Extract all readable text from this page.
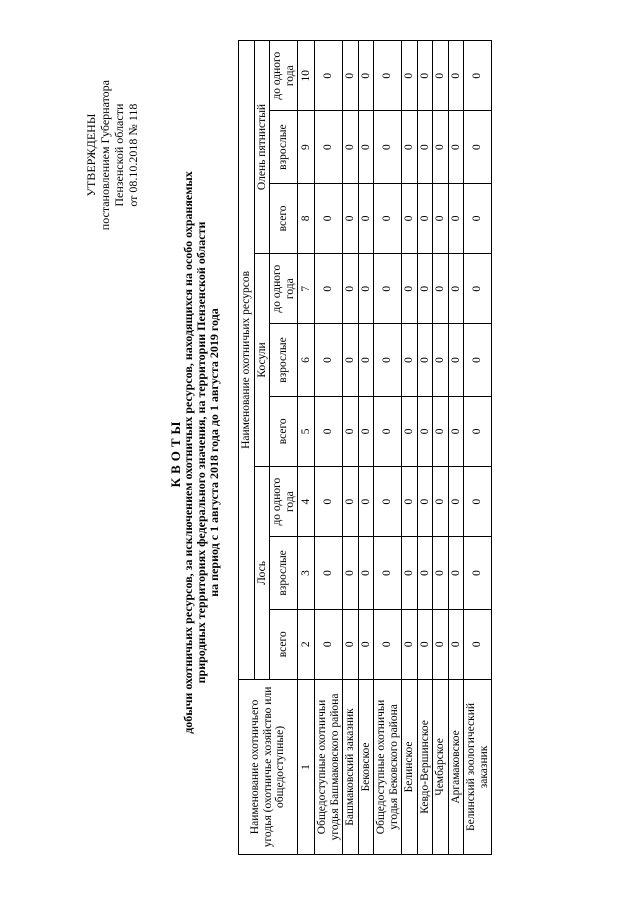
УТВЕРЖДЕНЫ постановлением Губернатора Пензенской области от 08.10.2018 № 118
КВОТЫ
добычи охотничьих ресурсов, за исключением охотничьих ресурсов, находящихся на особо охраняемых природных территориях федерального значения, на территории Пензенской области на период с 1 августа 2018 года до 1 августа 2019 года
Наименование охотничьего угодья (охотничье хозяйство или общедоступные)	Наименование охотничьих ресурсов								
	Лось			Косули			Олень пятнистый		
	всего	взрослые	до одного года	всего	взрослые	до одного года	всего	взрослые	до одного года
1	2	3	4	5	6	7	8	9	10
Общедоступные охотничьи угодья Башмаковского района	0	0	0	0	0	0	0	0	0
Башмаковский заказник	0	0	0	0	0	0	0	0	0
Бековское	0	0	0	0	0	0	0	0	0
Общедоступные охотничьи угодья Бековского района	0	0	0	0	0	0	0	0	0
Белинское	0	0	0	0	0	0	0	0	0
Кевдо-Вершинское	0	0	0	0	0	0	0	0	0
Чембарское	0	0	0	0	0	0	0	0	0
Аргамаковское	0	0	0	0	0	0	0	0	0
Белинский зоологический заказник	0	0	0	0	0	0	0	0	0
